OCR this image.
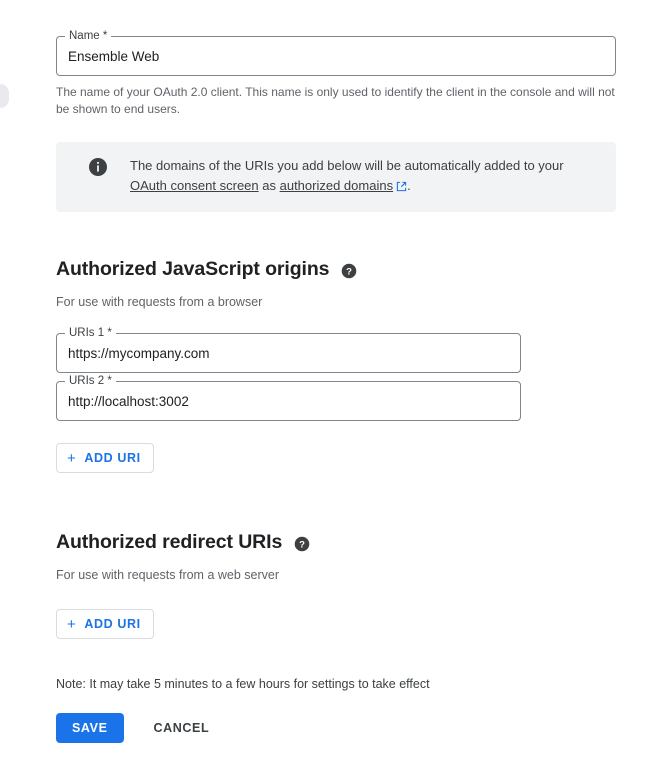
Name *
Ensemble Web
The name of your OAuth 2.0 client. This name is only used to identify the client in the console and will not be shown to end users.
The domains of the URIs you add below will be automatically added to your OAuth consent screen as authorized domains .
Authorized JavaScript origins ?
For use with requests from a browser
URIs 1 *
https://mycompany.com
URIs 2 *
http://localhost:3002
+ ADD URI
Authorized redirect URIs ?
For use with requests from a web server
+ ADD URI
Note: It may take 5 minutes to a few hours for settings to take effect
SAVE	CANCEL
